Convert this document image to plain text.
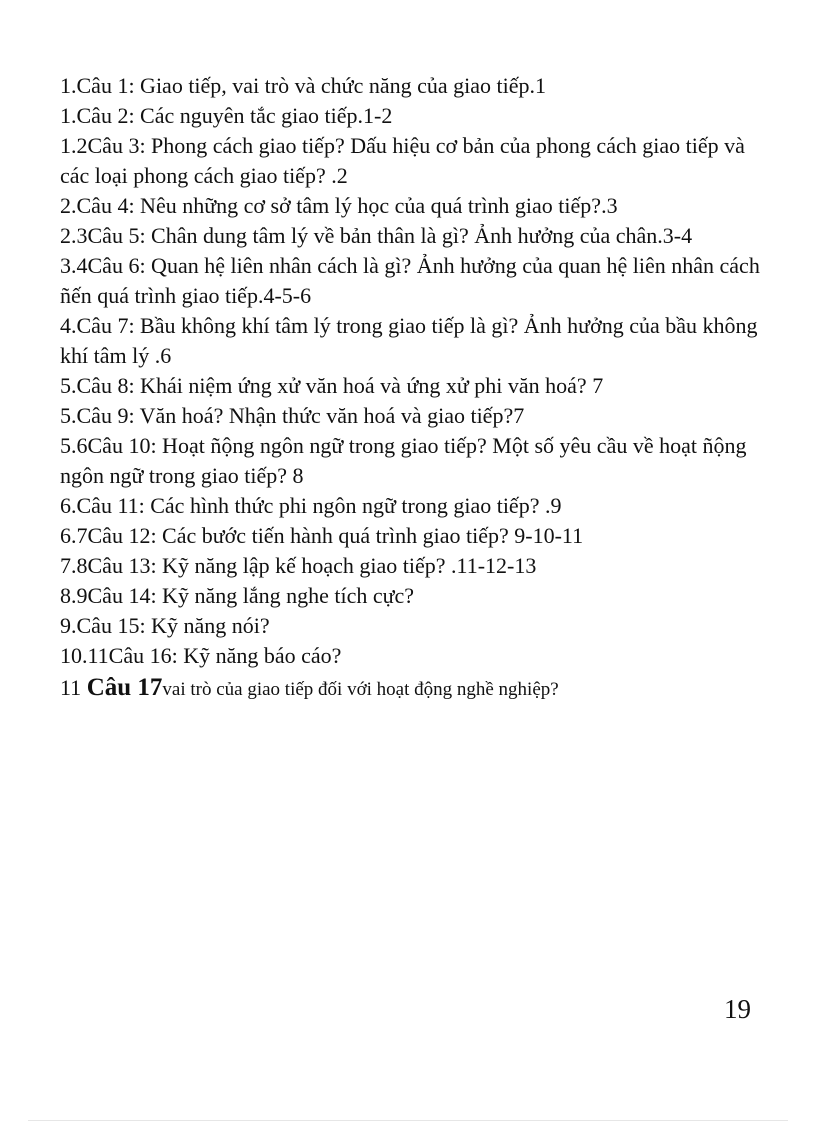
1.Câu 1: Giao tiếp, vai trò và chức năng của giao tiếp.1
1.Câu 2: Các nguyên tắc giao tiếp.1-2
1.2Câu 3: Phong cách giao tiếp? Dấu hiệu cơ bản của phong cách giao tiếp và các loại phong cách giao tiếp? .2
2.Câu 4: Nêu những cơ sở tâm lý học của quá trình giao tiếp?.3
2.3Câu 5: Chân dung tâm lý về bản thân là gì? Ảnh hưởng của chân.3-4
3.4Câu 6: Quan hệ liên nhân cách là gì? Ảnh hưởng của quan hệ liên nhân cách ñến quá trình giao tiếp.4-5-6
4.Câu 7: Bầu không khí tâm lý trong giao tiếp là gì? Ảnh hưởng của bầu không khí tâm lý .6
5.Câu 8: Khái niệm ứng xử văn hoá và ứng xử phi văn hoá? 7
5.Câu 9: Văn hoá? Nhận thức văn hoá và giao tiếp?7
5.6Câu 10: Hoạt ñộng ngôn ngữ trong giao tiếp? Một số yêu cầu về hoạt ñộng ngôn ngữ trong giao tiếp? 8
6.Câu 11: Các hình thức phi ngôn ngữ trong giao tiếp? .9
6.7Câu 12: Các bước tiến hành quá trình giao tiếp? 9-10-11
7.8Câu 13: Kỹ năng lập kế hoạch giao tiếp? .11-12-13
8.9Câu 14: Kỹ năng lắng nghe tích cực?
9.Câu 15: Kỹ năng nói?
10.11Câu 16: Kỹ năng báo cáo?
11 Câu 17vai trò của giao tiếp đối với hoạt động nghề nghiệp?
19
